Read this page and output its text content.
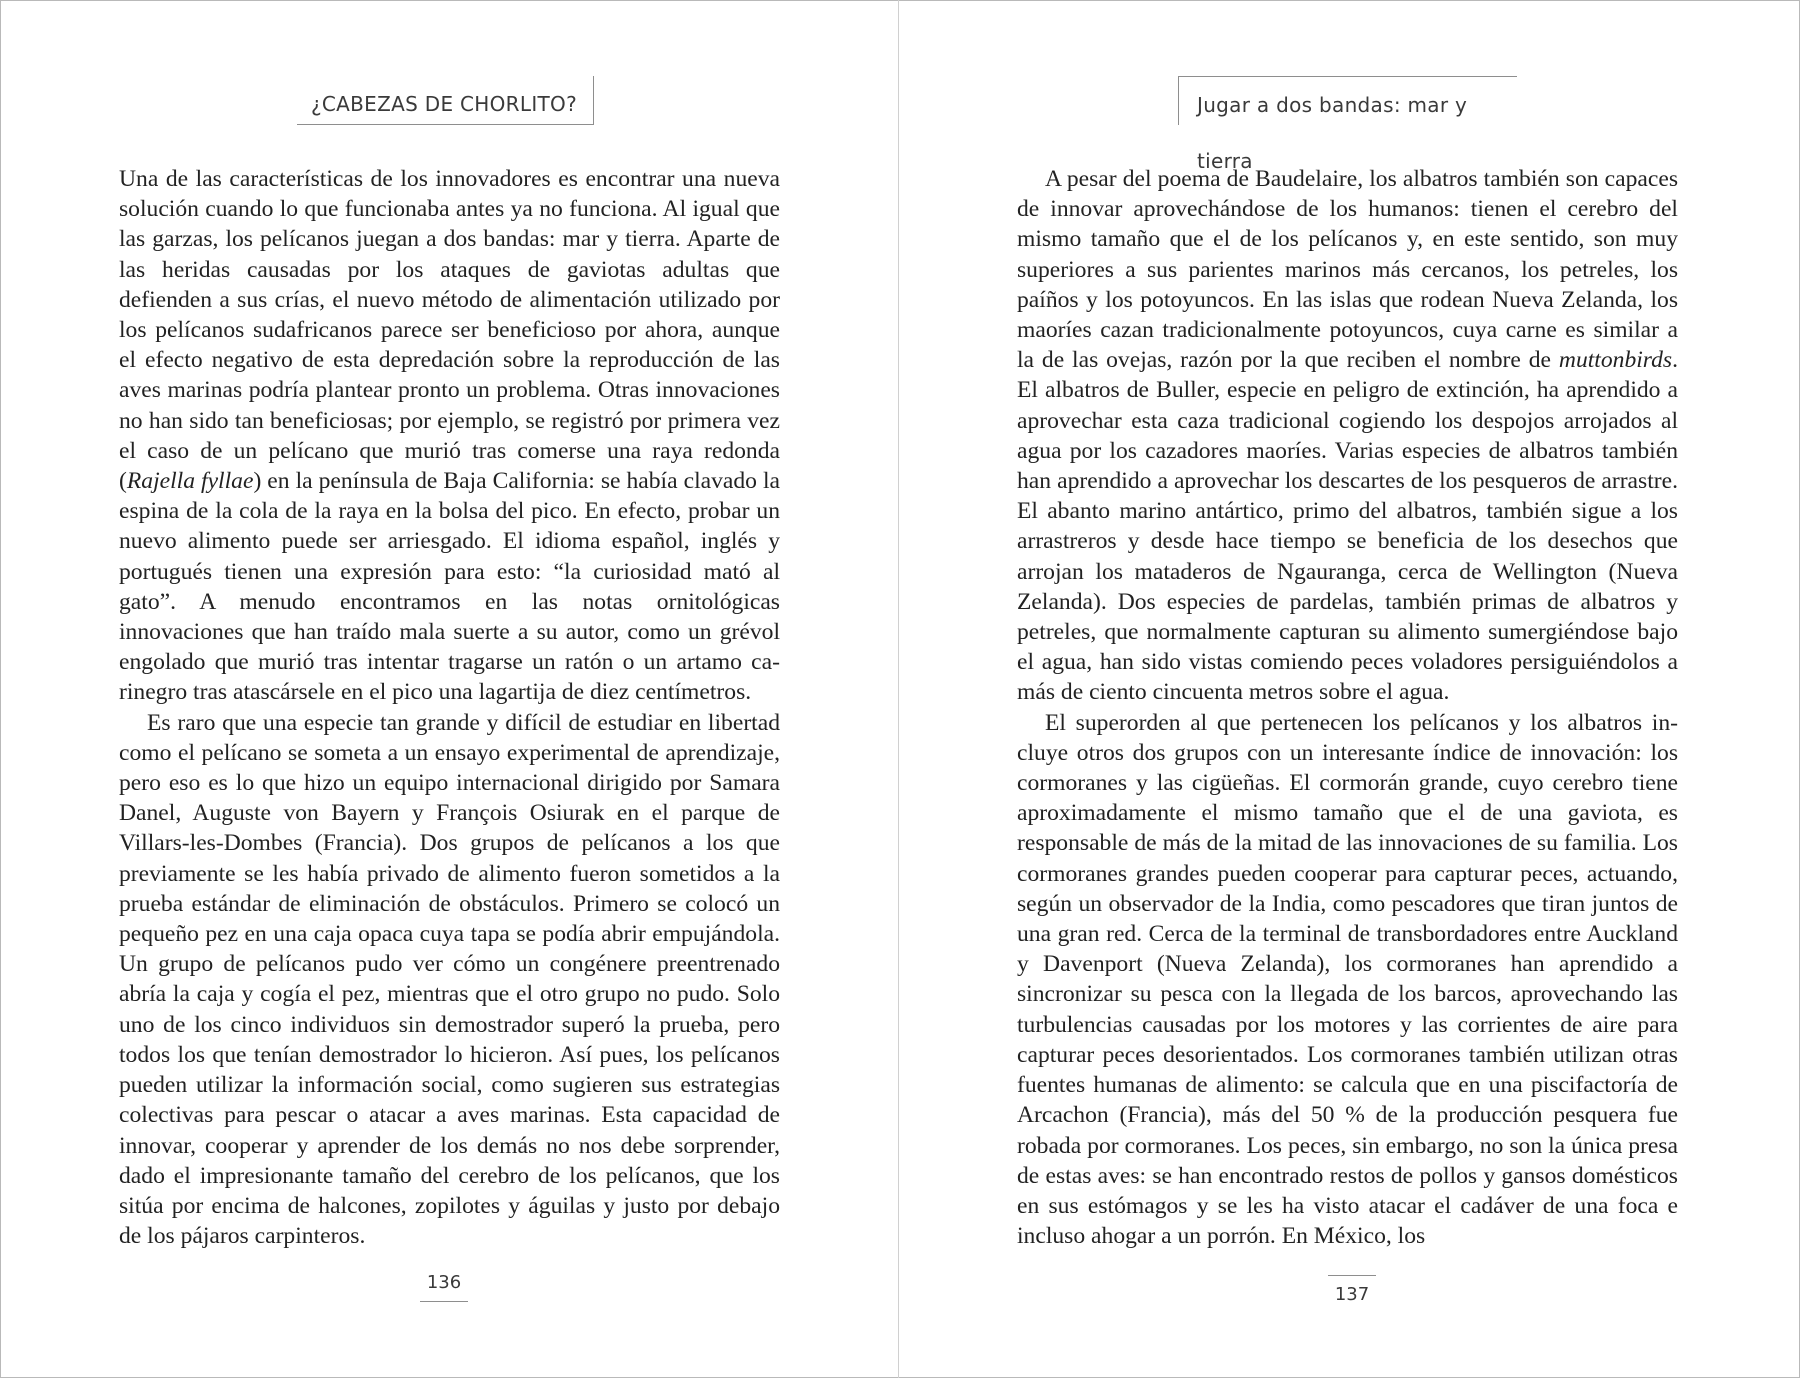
¿CABEZAS DE CHORLITO?

Una de las características de los innovadores es encontrar una nueva solución cuando lo que funcionaba antes ya no funciona. Al igual que las garzas, los pelícanos juegan a dos bandas: mar y tierra. Aparte de las heridas causadas por los ataques de gaviotas adultas que defienden a sus crías, el nuevo método de alimentación utilizado por los pelícanos sudafricanos parece ser beneficioso por ahora, aunque el efecto negativo de esta depredación sobre la reproducción de las aves marinas podría plantear pronto un problema. Otras innovaciones no han sido tan beneficiosas; por ejemplo, se registró por primera vez el caso de un pelícano que murió tras comerse una raya redonda (Rajella fyllae) en la península de Baja California: se había clavado la espina de la cola de la raya en la bolsa del pico. En efecto, probar un nuevo alimento puede ser arriesgado. El idioma español, inglés y portugués tienen una expresión para esto: “la curiosidad mató al gato”. A menudo encontramos en las notas ornitológicas innovaciones que han traído mala suerte a su autor, como un grévol engolado que murió tras intentar tragarse un ratón o un artamo carinegro tras atascársele en el pico una lagartija de diez centímetros.

Es raro que una especie tan grande y difícil de estudiar en libertad como el pelícano se someta a un ensayo experimental de aprendizaje, pero eso es lo que hizo un equipo internacional dirigido por Samara Danel, Auguste von Bayern y François Osiurak en el parque de Villars-les-Dombes (Francia). Dos grupos de pelícanos a los que previamente se les había privado de alimento fueron sometidos a la prueba estándar de eliminación de obstáculos. Primero se colocó un pequeño pez en una caja opaca cuya tapa se podía abrir empujándola. Un grupo de pelícanos pudo ver cómo un congénere preentrenado abría la caja y cogía el pez, mientras que el otro grupo no pudo. Solo uno de los cinco individuos sin demostrador superó la prueba, pero todos los que tenían demostrador lo hicieron. Así pues, los pelícanos pueden utilizar la información social, como sugieren sus estrategias colectivas para pescar o atacar a aves marinas. Esta capacidad de innovar, cooperar y aprender de los demás no nos debe sorprender, dado el impresionante tamaño del cerebro de los pelícanos, que los sitúa por encima de halcones, zopilotes y águilas y justo por debajo de los pájaros carpinteros.

136
Jugar a dos bandas: mar y tierra

A pesar del poema de Baudelaire, los albatros también son capaces de innovar aprovechándose de los humanos: tienen el cerebro del mismo tamaño que el de los pelícanos y, en este sentido, son muy superiores a sus parientes marinos más cercanos, los petreles, los paíños y los potoyuncos. En las islas que rodean Nueva Zelanda, los maoríes cazan tradicionalmente potoyuncos, cuya carne es similar a la de las ovejas, razón por la que reciben el nombre de muttonbirds. El albatros de Buller, especie en peligro de extinción, ha aprendido a aprovechar esta caza tradicional cogiendo los despojos arrojados al agua por los cazadores maoríes. Varias especies de albatros también han aprendido a aprovechar los descartes de los pesqueros de arrastre. El abanto marino antártico, primo del albatros, también sigue a los arrastreros y desde hace tiempo se beneficia de los desechos que arrojan los mataderos de Ngauranga, cerca de Wellington (Nueva Zelanda). Dos especies de pardelas, también primas de albatros y petreles, que normalmente capturan su alimento sumergiéndose bajo el agua, han sido vistas comiendo peces voladores persiguiéndolos a más de ciento cincuenta metros sobre el agua.

El superorden al que pertenecen los pelícanos y los albatros incluye otros dos grupos con un interesante índice de innovación: los cormoranes y las cigüeñas. El cormorán grande, cuyo cerebro tiene aproximadamente el mismo tamaño que el de una gaviota, es responsable de más de la mitad de las innovaciones de su familia. Los cormoranes grandes pueden cooperar para capturar peces, actuando, según un observador de la India, como pescadores que tiran juntos de una gran red. Cerca de la terminal de transbordadores entre Auckland y Davenport (Nueva Zelanda), los cormoranes han aprendido a sincronizar su pesca con la llegada de los barcos, aprovechando las turbulencias causadas por los motores y las corrientes de aire para capturar peces desorientados. Los cormoranes también utilizan otras fuentes humanas de alimento: se calcula que en una piscifactoría de Arcachon (Francia), más del 50 % de la producción pesquera fue robada por cormoranes. Los peces, sin embargo, no son la única presa de estas aves: se han encontrado restos de pollos y gansos domésticos en sus estómagos y se les ha visto atacar el cadáver de una foca e incluso ahogar a un porrón. En México, los

137
